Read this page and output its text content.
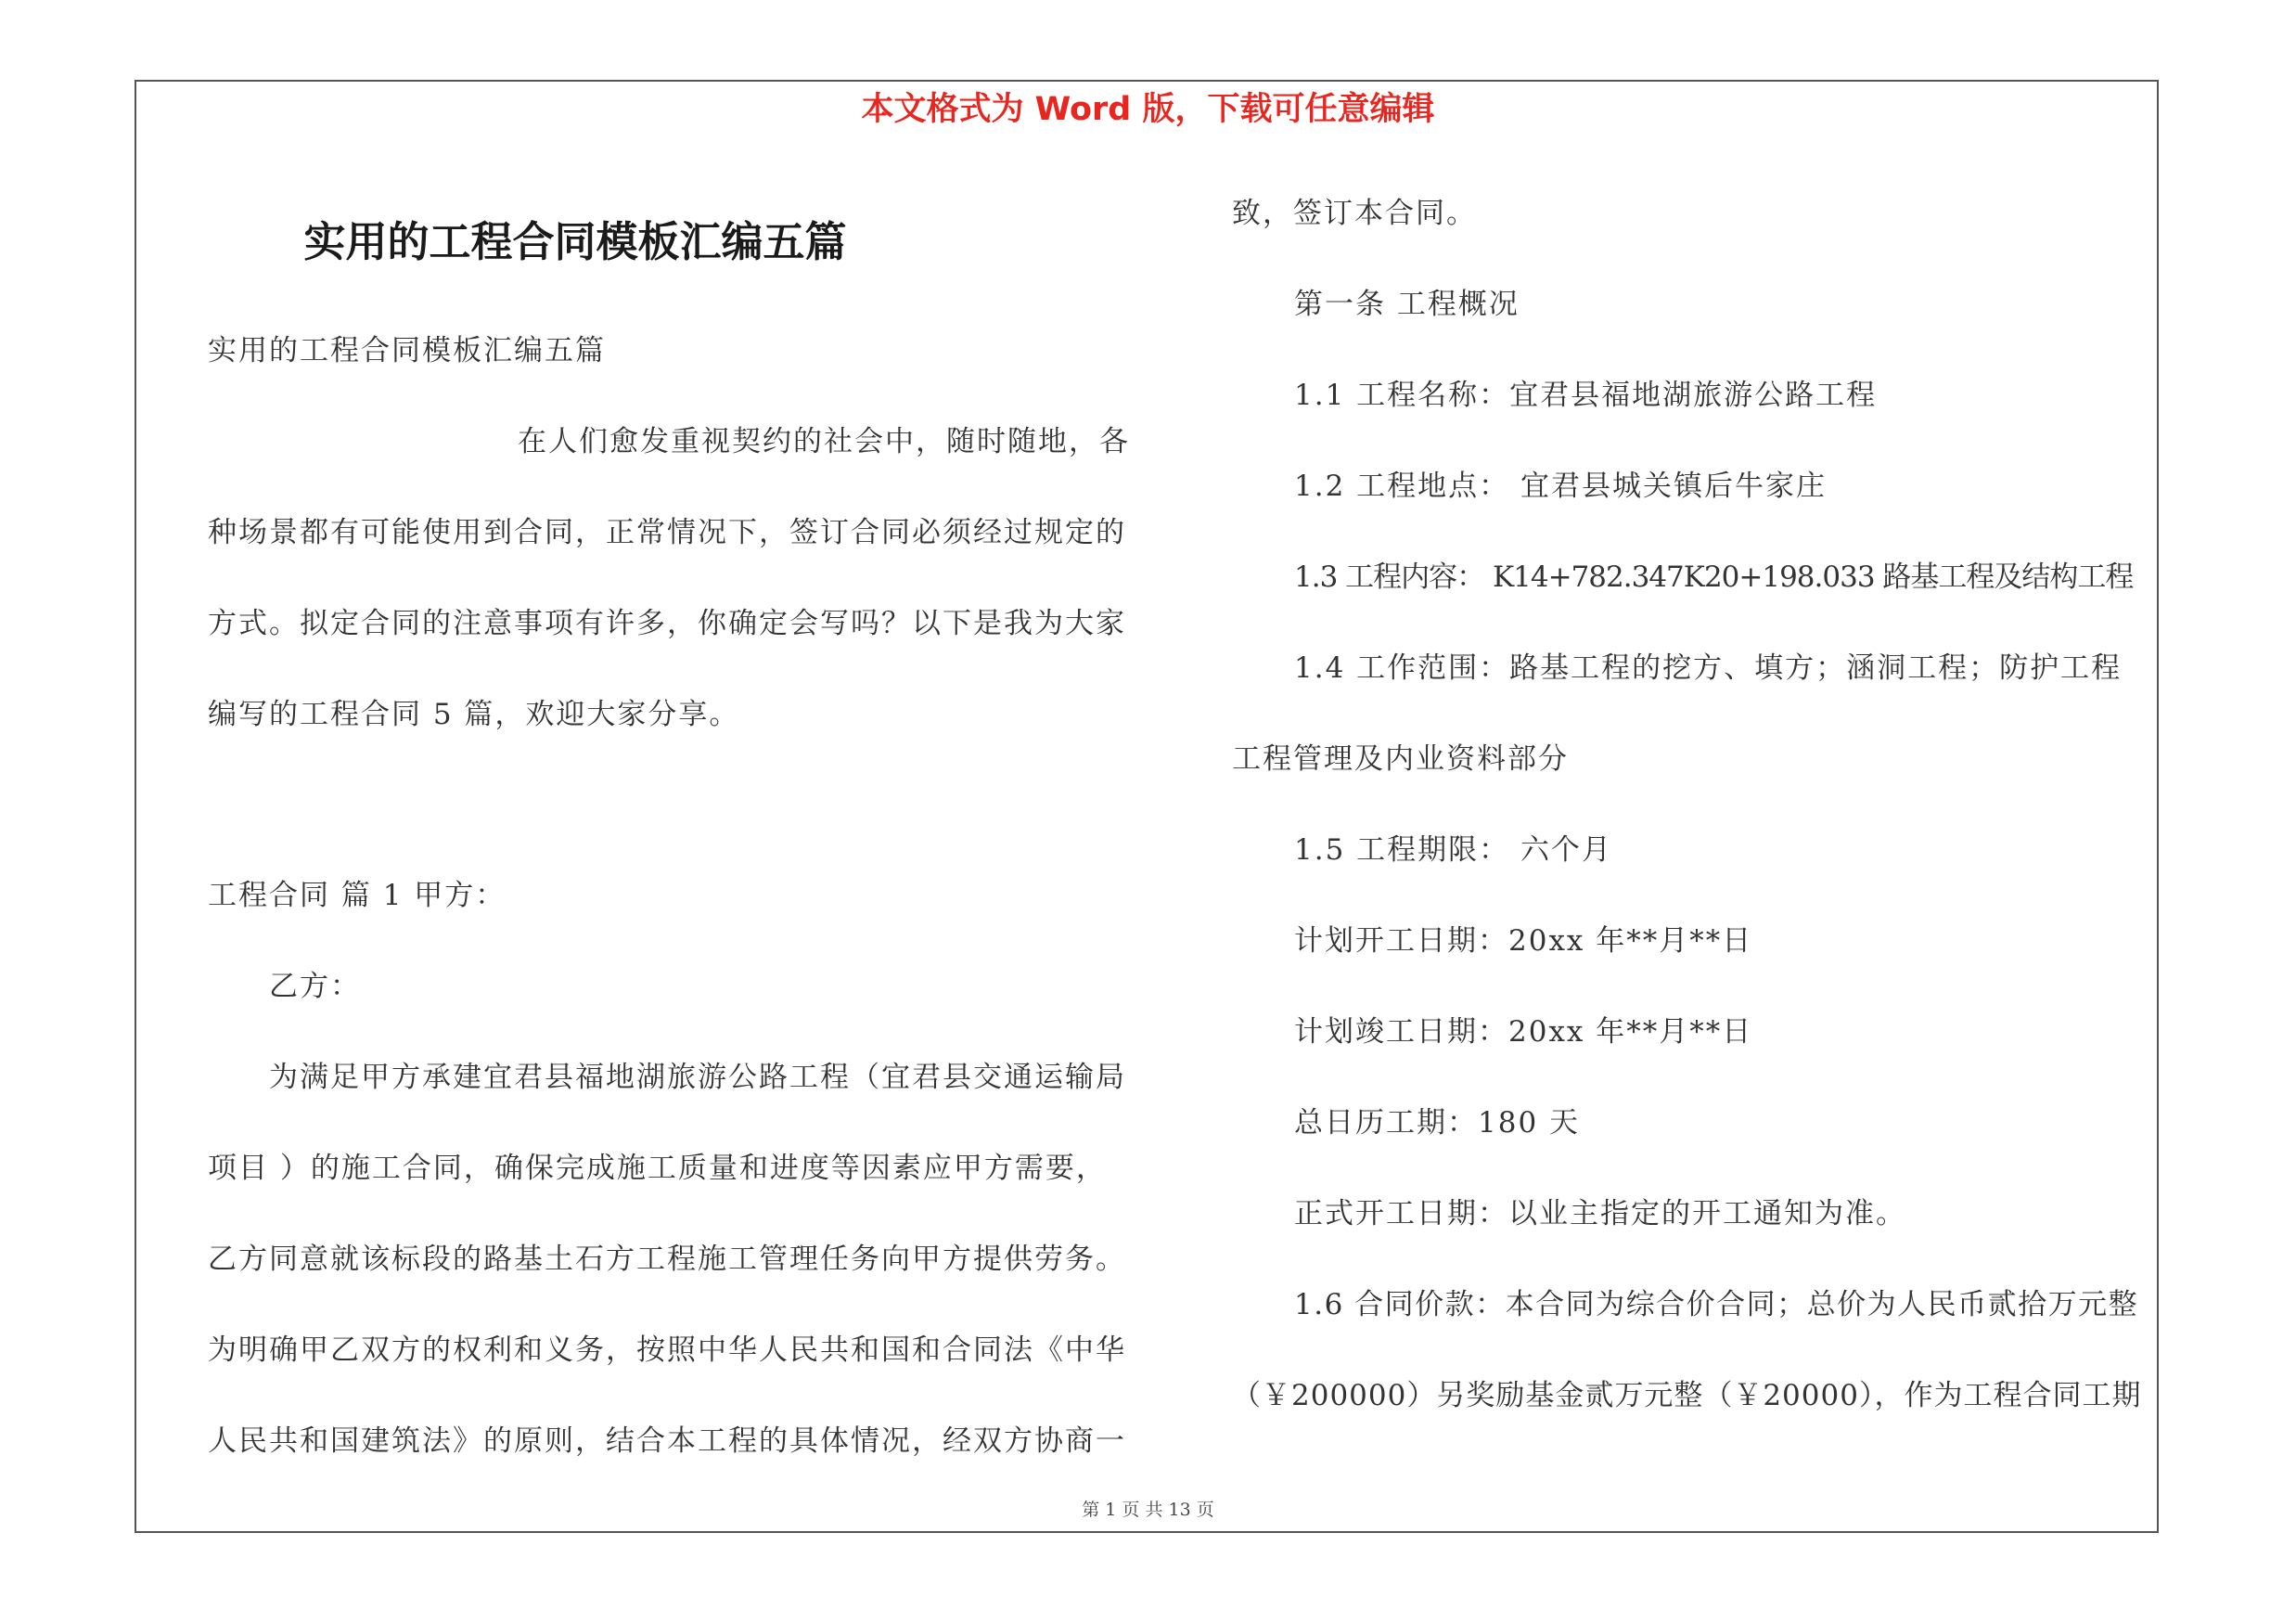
本文格式为 Word 版，下载可任意编辑
实用的工程合同模板汇编五篇
实用的工程合同模板汇编五篇
在人们愈发重视契约的社会中，随时随地，各
种场景都有可能使用到合同，正常情况下，签订合同必须经过规定的
方式。拟定合同的注意事项有许多，你确定会写吗？以下是我为大家
编写的工程合同 5 篇，欢迎大家分享。
工程合同 篇 1 甲方：
乙方：
为满足甲方承建宜君县福地湖旅游公路工程（宜君县交通运输局
项目 ）的施工合同，确保完成施工质量和进度等因素应甲方需要，
乙方同意就该标段的路基土石方工程施工管理任务向甲方提供劳务。
为明确甲乙双方的权利和义务，按照中华人民共和国和合同法《中华
人民共和国建筑法》的原则，结合本工程的具体情况，经双方协商一
致，签订本合同。
第一条 工程概况
1.1 工程名称：宜君县福地湖旅游公路工程
1.2 工程地点： 宜君县城关镇后牛家庄
1.3 工程内容： K14+782.347K20+198.033 路基工程及结构工程
1.4 工作范围：路基工程的挖方、填方；涵洞工程；防护工程
工程管理及内业资料部分
1.5 工程期限： 六个月
计划开工日期：20xx 年**月**日
计划竣工日期：20xx 年**月**日
总日历工期：180 天
正式开工日期：以业主指定的开工通知为准。
1.6 合同价款：本合同为综合价合同；总价为人民币贰拾万元整
（￥200000）另奖励基金贰万元整（￥20000），作为工程合同工期
第 1 页 共 13 页
